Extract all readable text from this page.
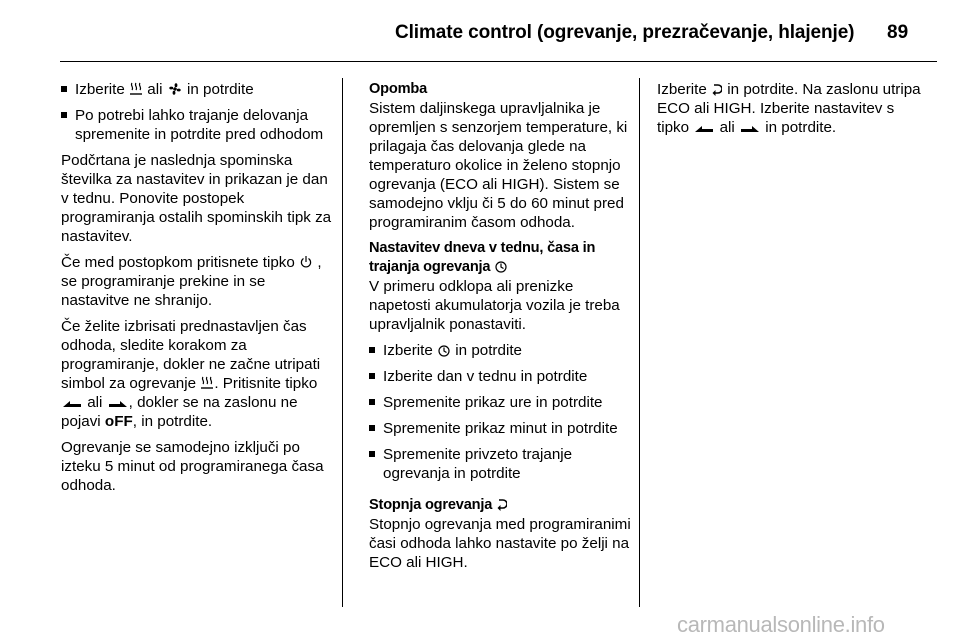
Climate control (ogrevanje, prezračevanje, hlajenje) 89
Izberite ali in potrdite
Po potrebi lahko trajanje delovanja spremenite in potrdite pred odhodom

Podčrtana je naslednja spominska številka za nastavitev in prikazan je dan v tednu. Ponovite postopek programiranja ostalih spominskih tipk za nastavitev.

Če med postopkom pritisnete tipko , se programiranje prekine in se nastavitve ne shranijo.

Če želite izbrisati prednastavljen čas odhoda, sledite korakom za programiranje, dokler ne začne utripati simbol za ogrevanje . Pritisnite tipko  ali , dokler se na zaslonu ne pojavi oFF, in potrdite.

Ogrevanje se samodejno izključi po izteku 5 minut od programiranega časa odhoda.

Opomba

Sistem daljinskega upravljalnika je opremljen s senzorjem temperature, ki prilagaja čas delovanja glede na temperaturo okolice in želeno stopnjo ogrevanja (ECO ali HIGH). Sistem se samodejno vklju či 5 do 60 minut pred programiranim časom odhoda.

Nastavitev dneva v tednu, časa in trajanja ogrevanja

V primeru odklopa ali prenizke napetosti akumulatorja vozila je treba upravljalnik ponastaviti.

Izberite in potrdite
Izberite dan v tednu in potrdite
Spremenite prikaz ure in potrdite
Spremenite prikaz minut in potrdite
Spremenite privzeto trajanje ogrevanja in potrdite
Stopnja ogrevanja

Stopnjo ogrevanja med programiranimi časi odhoda lahko nastavite po želji na ECO ali HIGH.

Izberite in potrdite. Na zaslonu utripa ECO ali HIGH. Izberite nastavitev s tipko ali in potrdite.

carmanualsonline.info
